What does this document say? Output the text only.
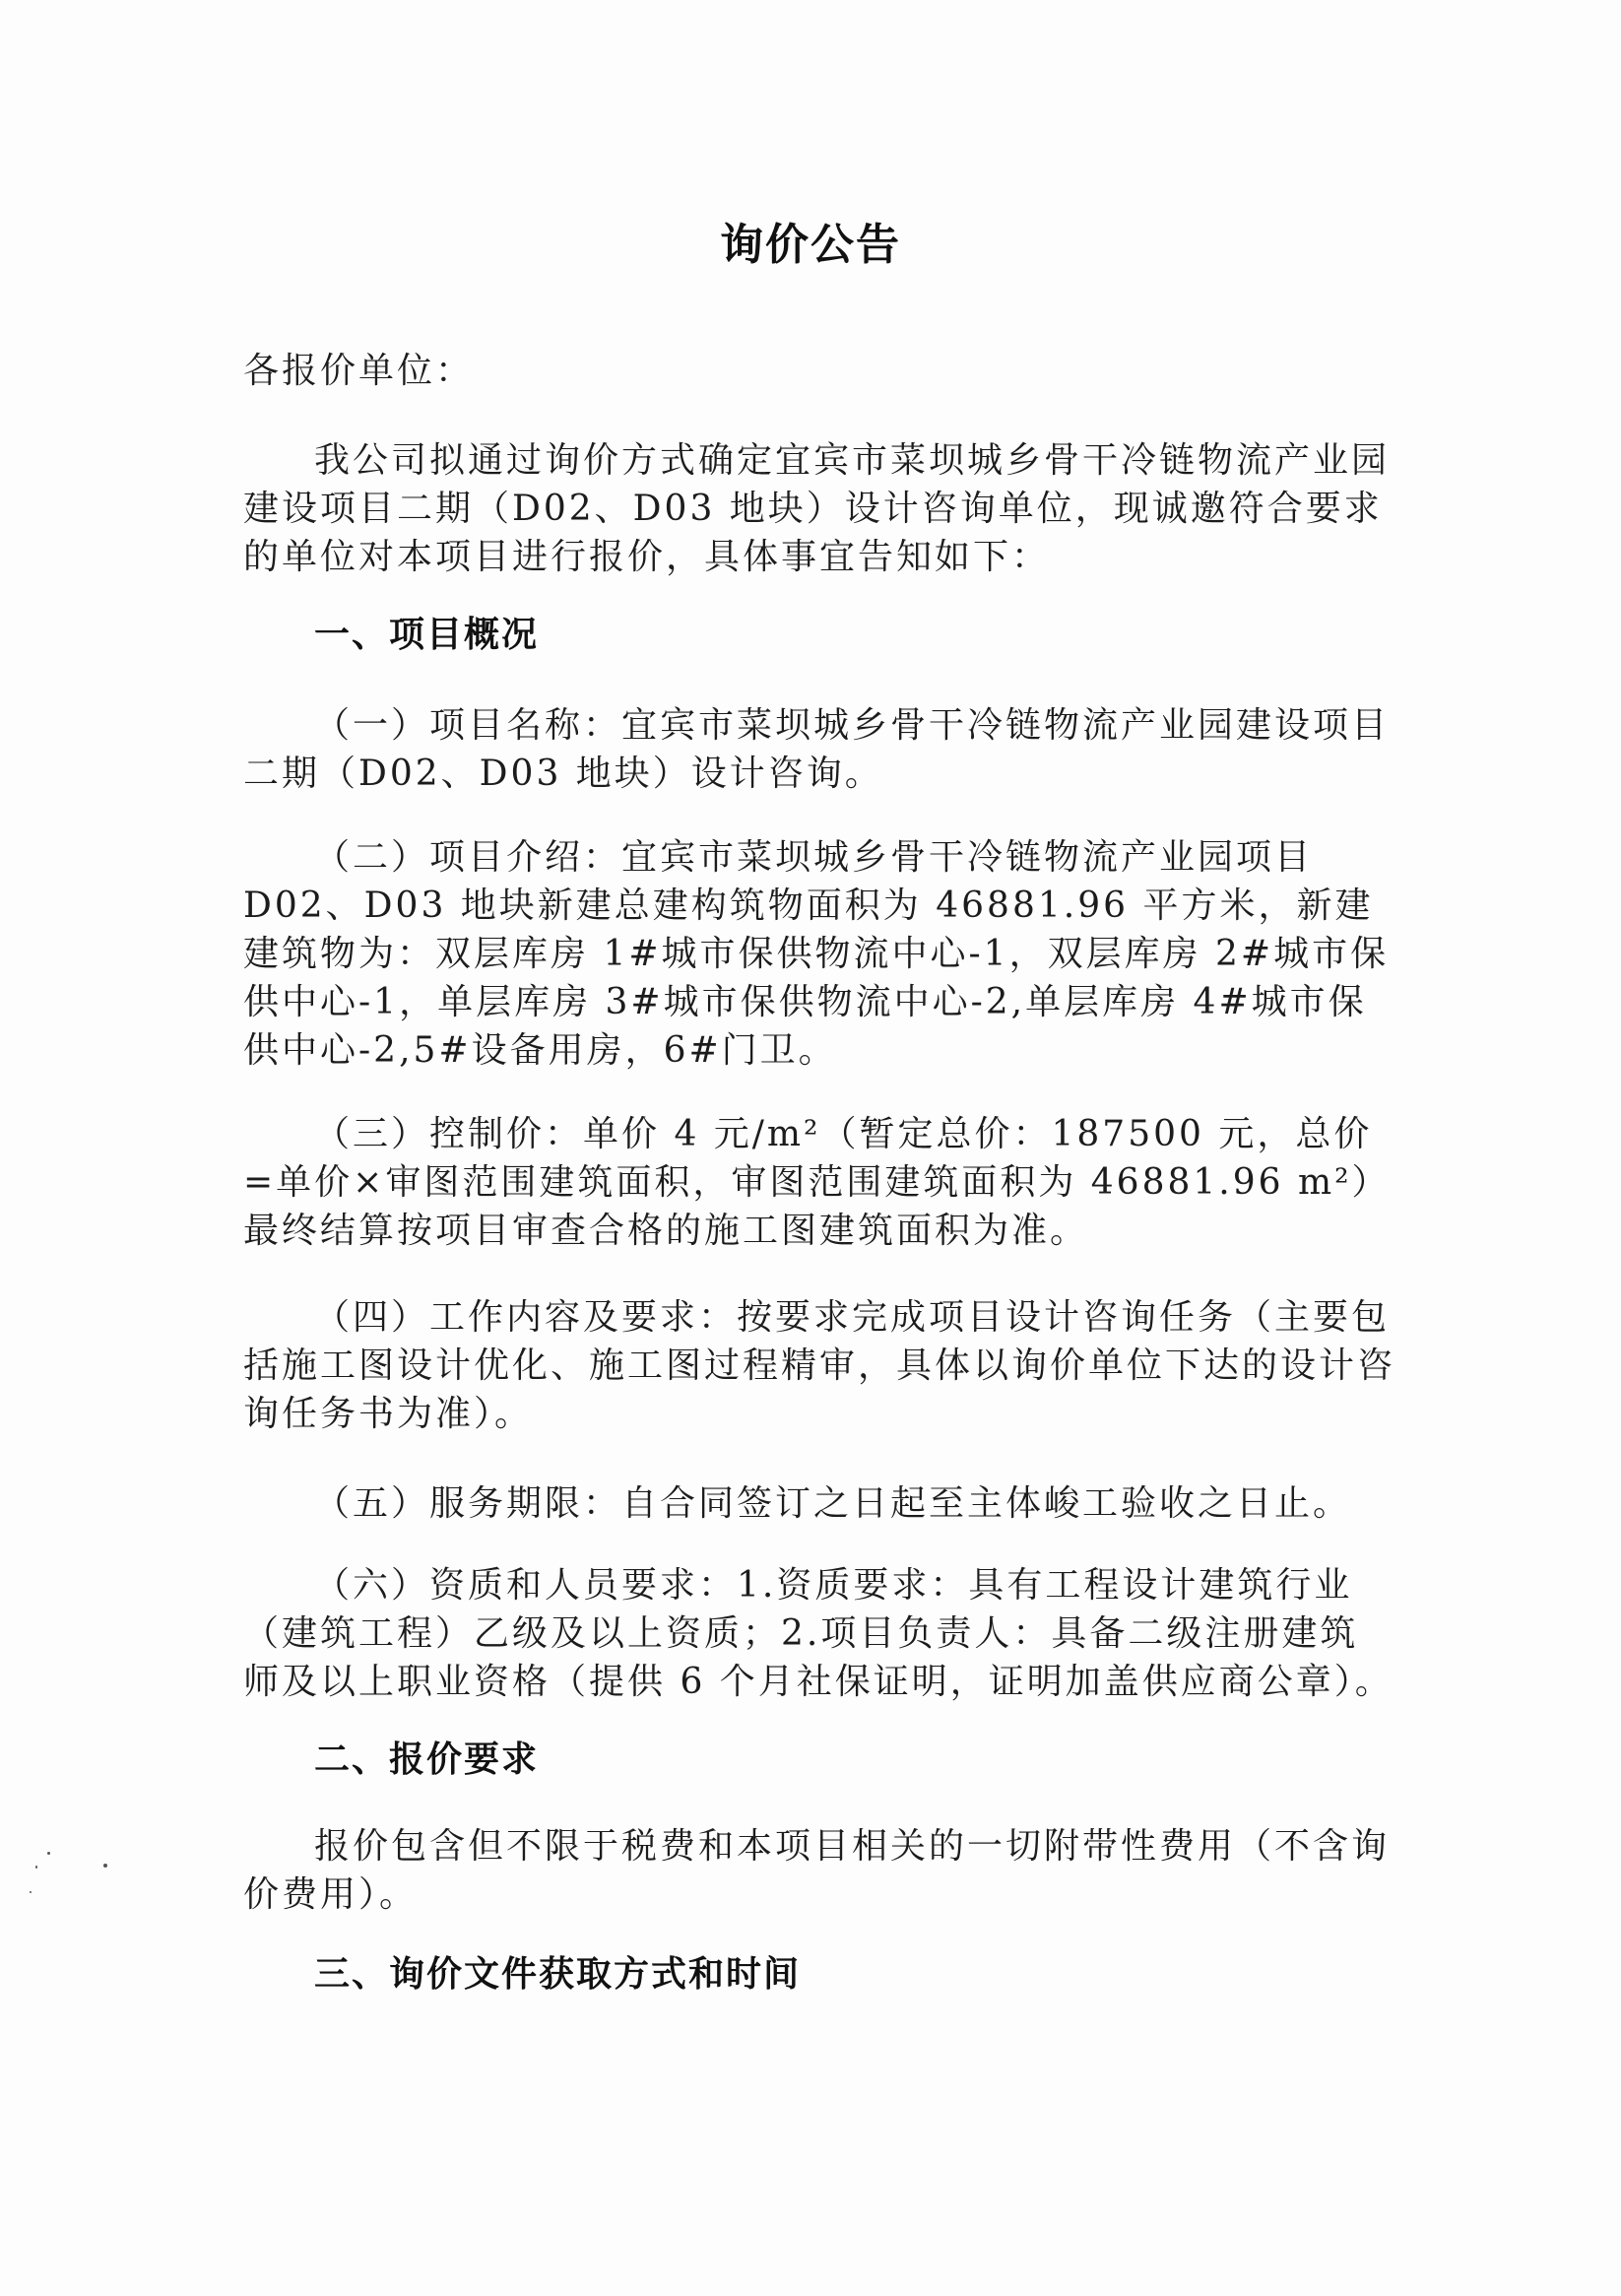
询价公告
各报价单位：
我公司拟通过询价方式确定宜宾市菜坝城乡骨干冷链物流产业园建设项目二期（D02、D03 地块）设计咨询单位，现诚邀符合要求的单位对本项目进行报价，具体事宜告知如下：
一、项目概况
（一）项目名称：宜宾市菜坝城乡骨干冷链物流产业园建设项目二期（D02、D03 地块）设计咨询。
（二）项目介绍：宜宾市菜坝城乡骨干冷链物流产业园项目 D02、D03 地块新建总建构筑物面积为 46881.96 平方米，新建建筑物为：双层库房 1#城市保供物流中心-1，双层库房 2#城市保供中心-1，单层库房 3#城市保供物流中心-2,单层库房 4#城市保供中心-2,5#设备用房，6#门卫。
（三）控制价：单价 4 元/m²（暂定总价：187500 元，总价=单价×审图范围建筑面积，审图范围建筑面积为 46881.96 m²）最终结算按项目审查合格的施工图建筑面积为准。
（四）工作内容及要求：按要求完成项目设计咨询任务（主要包括施工图设计优化、施工图过程精审，具体以询价单位下达的设计咨询任务书为准）。
（五）服务期限：自合同签订之日起至主体峻工验收之日止。
（六）资质和人员要求：1.资质要求：具有工程设计建筑行业（建筑工程）乙级及以上资质；2.项目负责人：具备二级注册建筑师及以上职业资格（提供 6 个月社保证明，证明加盖供应商公章）。
二、报价要求
报价包含但不限于税费和本项目相关的一切附带性费用（不含询价费用）。
三、询价文件获取方式和时间
